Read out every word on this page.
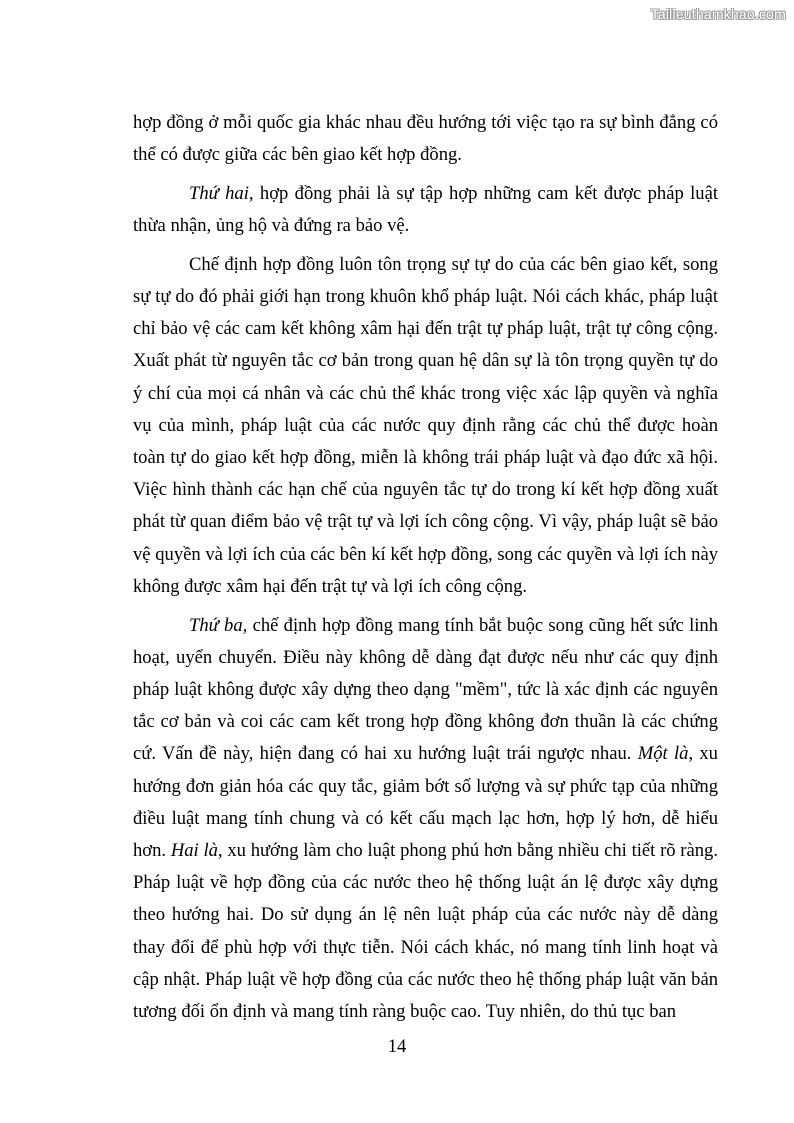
Tailieuthamkhao.com

hợp đồng ở mỗi quốc gia khác nhau đều hướng tới việc tạo ra sự bình đẳng có thể có được giữa các bên giao kết hợp đồng.

Thứ hai, hợp đồng phải là sự tập hợp những cam kết được pháp luật thừa nhận, ủng hộ và đứng ra bảo vệ.

Chế định hợp đồng luôn tôn trọng sự tự do của các bên giao kết, song sự tự do đó phải giới hạn trong khuôn khổ pháp luật. Nói cách khác, pháp luật chỉ bảo vệ các cam kết không xâm hại đến trật tự pháp luật, trật tự công cộng. Xuất phát từ nguyên tắc cơ bản trong quan hệ dân sự là tôn trọng quyền tự do ý chí của mọi cá nhân và các chủ thể khác trong việc xác lập quyền và nghĩa vụ của mình, pháp luật của các nước quy định rằng các chủ thể được hoàn toàn tự do giao kết hợp đồng, miễn là không trái pháp luật và đạo đức xã hội. Việc hình thành các hạn chế của nguyên tắc tự do trong kí kết hợp đồng xuất phát từ quan điểm bảo vệ trật tự và lợi ích công cộng. Vì vậy, pháp luật sẽ bảo vệ quyền và lợi ích của các bên kí kết hợp đồng, song các quyền và lợi ích này không được xâm hại đến trật tự và lợi ích công cộng.

Thứ ba, chế định hợp đồng mang tính bắt buộc song cũng hết sức linh hoạt, uyển chuyển. Điều này không dễ dàng đạt được nếu như các quy định pháp luật không được xây dựng theo dạng "mềm", tức là xác định các nguyên tắc cơ bản và coi các cam kết trong hợp đồng không đơn thuần là các chứng cứ. Vấn đề này, hiện đang có hai xu hướng luật trái ngược nhau. Một là, xu hướng đơn giản hóa các quy tắc, giảm bớt số lượng và sự phức tạp của những điều luật mang tính chung và có kết cấu mạch lạc hơn, hợp lý hơn, dễ hiểu hơn. Hai là, xu hướng làm cho luật phong phú hơn bằng nhiều chi tiết rõ ràng. Pháp luật về hợp đồng của các nước theo hệ thống luật án lệ được xây dựng theo hướng hai. Do sử dụng án lệ nên luật pháp của các nước này dễ dàng thay đổi để phù hợp với thực tiễn. Nói cách khác, nó mang tính linh hoạt và cập nhật. Pháp luật về hợp đồng của các nước theo hệ thống pháp luật văn bản tương đối ổn định và mang tính ràng buộc cao. Tuy nhiên, do thủ tục ban

14
